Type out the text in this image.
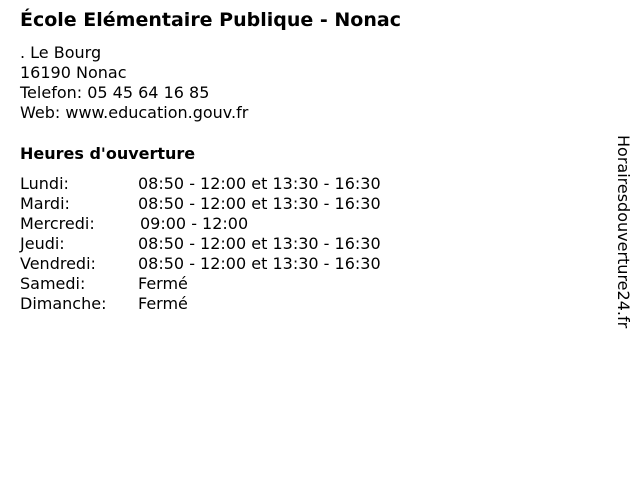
École Elémentaire Publique - Nonac
. Le Bourg
16190 Nonac
Telefon: 05 45 64 16 85
Web: www.education.gouv.fr
Heures d'ouverture
Lundi:	08:50 - 12:00 et 13:30 - 16:30
Mardi:	08:50 - 12:00 et 13:30 - 16:30
Mercredi:	09:00 - 12:00
Jeudi:	08:50 - 12:00 et 13:30 - 16:30
Vendredi:	08:50 - 12:00 et 13:30 - 16:30
Samedi:	Fermé
Dimanche: Fermé	Horairesdouverture24.fr
